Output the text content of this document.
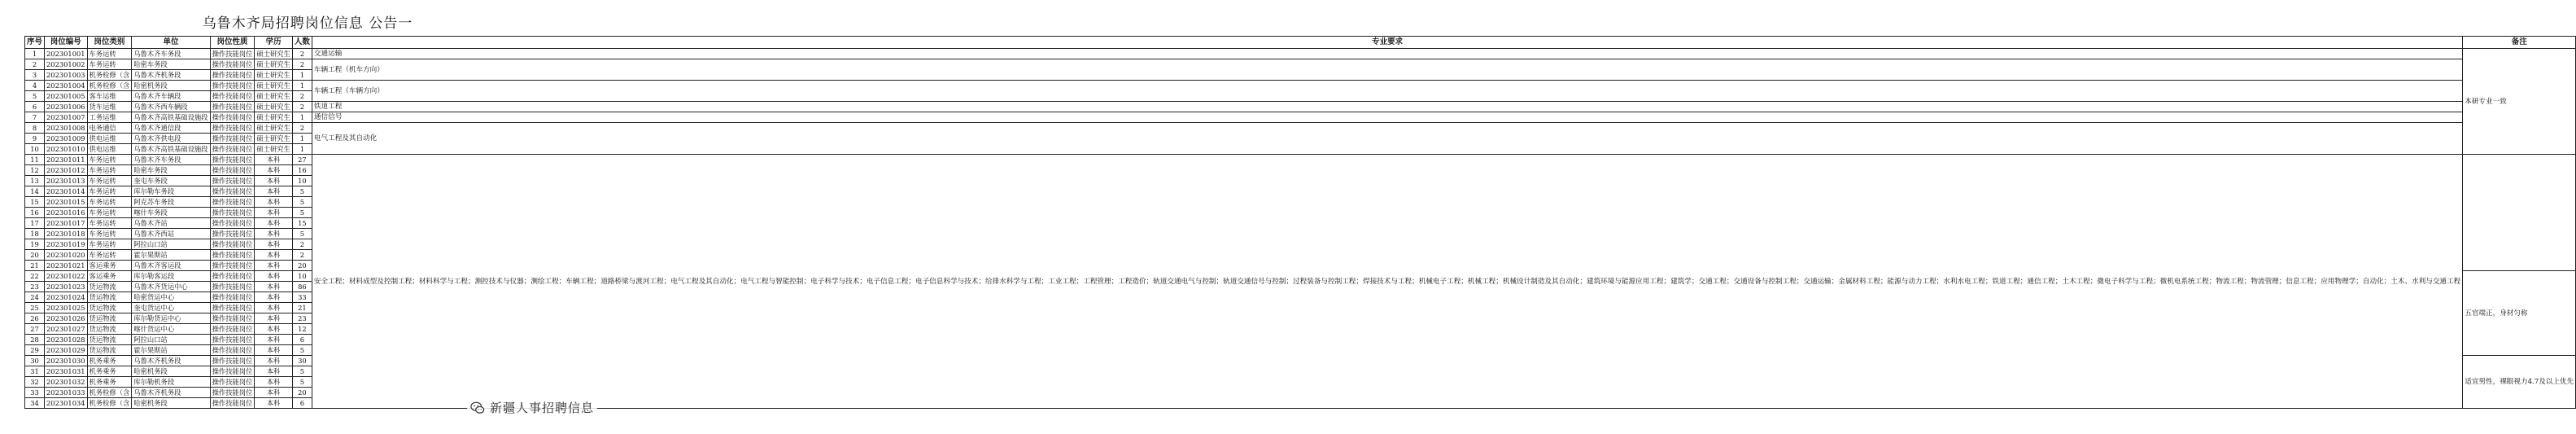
乌鲁木齐局招聘岗位信息 公告一
序号	岗位编号	岗位类别	单位	岗位性质	学历	人数	专业要求	备注
1	202301001	车务运转	乌鲁木齐车务段	操作技能岗位	硕士研究生	2	交通运输	本研专业一致
2	202301002	车务运转	哈密车务段	操作技能岗位	硕士研究生	2	车辆工程（机车方向）	
3	202301003	机务检修（含	乌鲁木齐机务段	操作技能岗位	硕士研究生	1		
4	202301004	机务检修（含	哈密机务段	操作技能岗位	硕士研究生	1	车辆工程（车辆方向）	
5	202301005	客车运维	乌鲁木齐车辆段	操作技能岗位	硕士研究生	2		
6	202301006	货车运维	乌鲁木齐西车辆段	操作技能岗位	硕士研究生	2	铁道工程	
7	202301007	工务运维	乌鲁木齐高铁基础设施段	操作技能岗位	硕士研究生	1	通信信号	
8	202301008	电务通信	乌鲁木齐通信段	操作技能岗位	硕士研究生	2	电气工程及其自动化	
9	202301009	供电运维	乌鲁木齐供电段	操作技能岗位	硕士研究生	1		
10	202301010	供电运维	乌鲁木齐高铁基础设施段	操作技能岗位	硕士研究生	1		
11	202301011	车务运转	乌鲁木齐车务段	操作技能岗位	本科	27	安全工程；材料成型及控制工程；材料科学与工程；测控技术与仪器；测绘工程；车辆工程；道路桥梁与渡河工程；电气工程及其自动化；电气工程与智能控制；电子科学与技术；电子信息工程；电子信息科学与技术；给排水科学与工程；工业工程；工程管理；工程造价；轨道交通电气与控制；轨道交通信号与控制；过程装备与控制工程；焊接技术与工程；机械电子工程；机械工程；机械设计制造及其自动化；建筑环境与能源应用工程；建筑学；交通工程；交通设备与控制工程；交通运输；金属材料工程；能源与动力工程；水利水电工程；铁道工程；通信工程；土木工程；微电子科学与工程；微机电系统工程；物流工程；物流管理；信息工程；应用物理学；自动化；土木、水利与交通工程	
12	202301012	车务运转	哈密车务段	操作技能岗位	本科	16		
13	202301013	车务运转	奎屯车务段	操作技能岗位	本科	10		
14	202301014	车务运转	库尔勒车务段	操作技能岗位	本科	5		
15	202301015	车务运转	阿克苏车务段	操作技能岗位	本科	5		
16	202301016	车务运转	喀什车务段	操作技能岗位	本科	5		
17	202301017	车务运转	乌鲁木齐站	操作技能岗位	本科	15		
18	202301018	车务运转	乌鲁木齐西站	操作技能岗位	本科	5		
19	202301019	车务运转	阿拉山口站	操作技能岗位	本科	2		
20	202301020	车务运转	霍尔果斯站	操作技能岗位	本科	2		
21	202301021	客运乘务	乌鲁木齐客运段	操作技能岗位	本科	20		
22	202301022	客运乘务	库尔勒客运段	操作技能岗位	本科	10		五官端正，身材匀称
23	202301023	货运物流	乌鲁木齐货运中心	操作技能岗位	本科	86		
24	202301024	货运物流	哈密货运中心	操作技能岗位	本科	33		
25	202301025	货运物流	奎屯货运中心	操作技能岗位	本科	21		
26	202301026	货运物流	库尔勒货运中心	操作技能岗位	本科	23		
27	202301027	货运物流	喀什货运中心	操作技能岗位	本科	12		
28	202301028	货运物流	阿拉山口站	操作技能岗位	本科	6		
29	202301029	货运物流	霍尔果斯站	操作技能岗位	本科	5		
30	202301030	机务乘务	乌鲁木齐机务段	操作技能岗位	本科	30		适宜男性，裸眼视力4.7及以上优先
31	202301031	机务乘务	哈密机务段	操作技能岗位	本科	5		
32	202301032	机务乘务	库尔勒机务段	操作技能岗位	本科	5		
33	202301033	机务检修（含	乌鲁木齐机务段	操作技能岗位	本科	20		
34	202301034	机务检修（含	哈密机务段	操作技能岗位	本科	6			新疆人事招聘信息
